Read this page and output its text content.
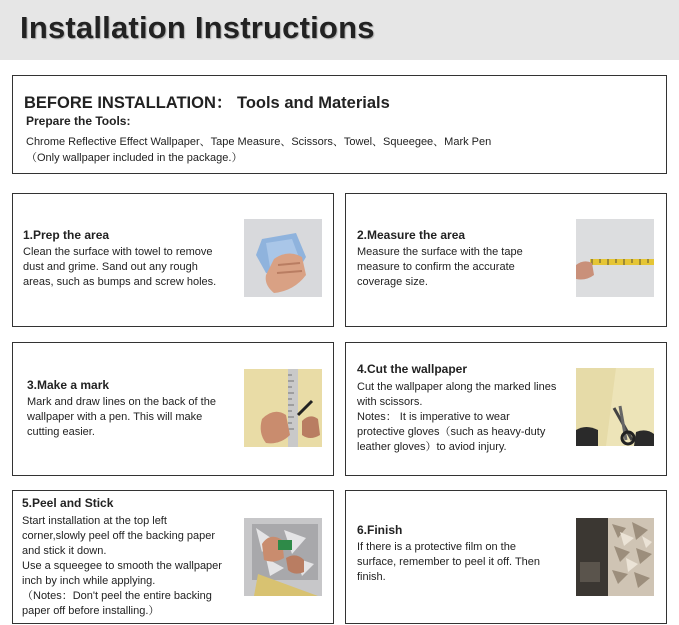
Installation Instructions
BEFORE INSTALLATION： Tools and Materials
Prepare the Tools:
Chrome Reflective Effect Wallpaper、Tape Measure、Scissors、Towel、Squeegee、Mark Pen
（Only wallpaper included in the package.）
1.Prep the area
Clean the surface with towel to remove
dust and grime. Sand out any rough
areas, such as bumps and screw holes.
2.Measure the area
Measure the surface with the tape
measure to confirm the accurate
coverage size.
3.Make a mark
Mark and draw lines on the back of the
wallpaper with a pen. This will make
cutting easier.
4.Cut the wallpaper
Cut the wallpaper along the marked lines
with scissors.
Notes： It is imperative to wear
protective gloves（such as heavy-duty
leather gloves）to aviod injury.
5.Peel and Stick
Start installation at the top left
corner,slowly peel off the backing paper
and stick it down.
Use a squeegee to smooth the wallpaper
inch by inch while applying.
（Notes：Don't peel the entire backing
paper off before installing.）
6.Finish
If there is a protective film on the
surface, remember to peel it off. Then
finish.
